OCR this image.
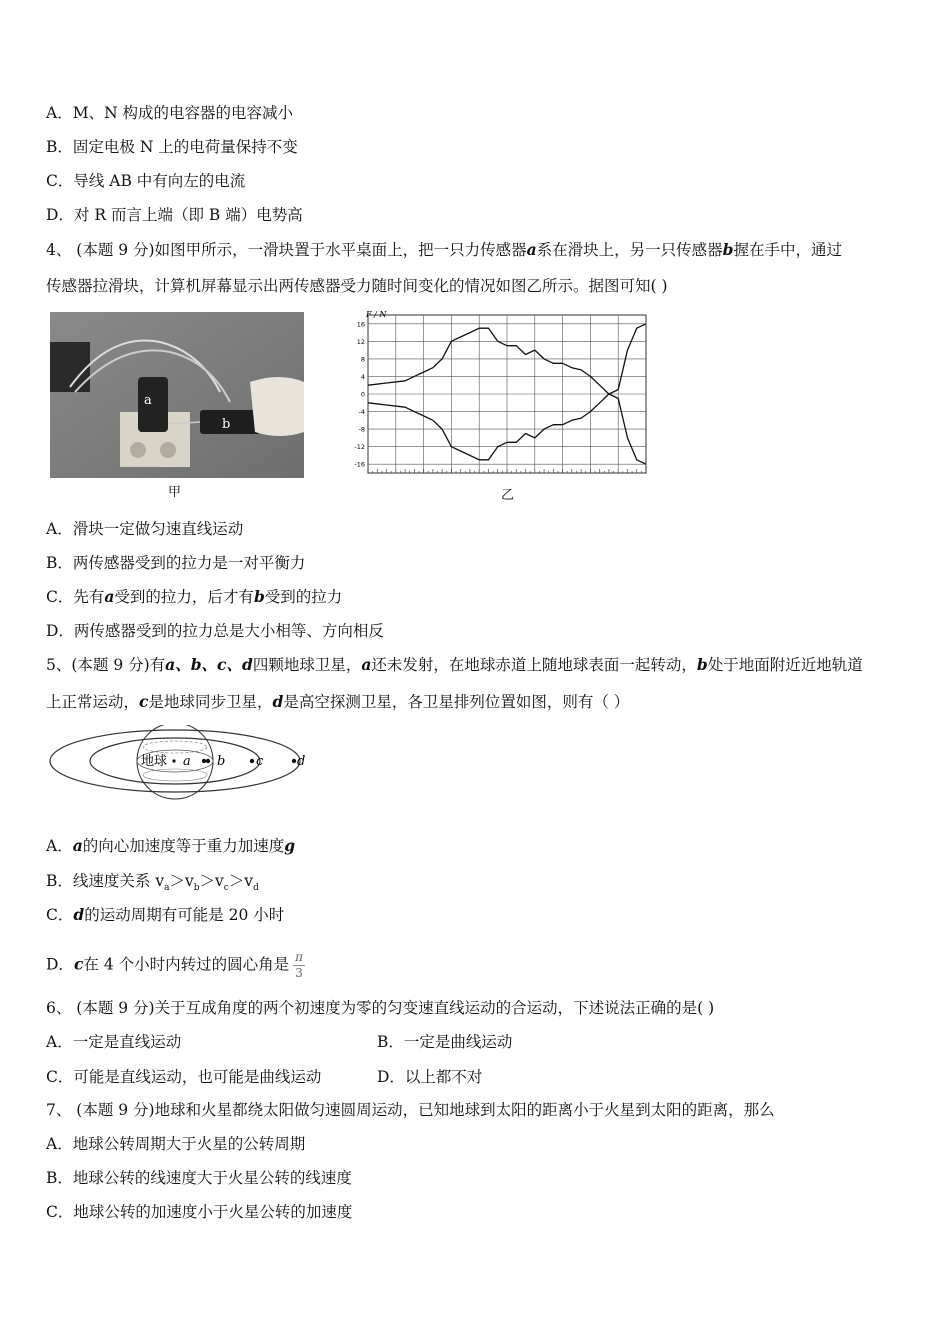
A．M、N 构成的电容器的电容减小
B．固定电极 N 上的电荷量保持不变
C．导线 AB 中有向左的电流
D．对 R 而言上端（即 B 端）电势高
4、 (本题 9 分)如图甲所示，一滑块置于水平桌面上，把一只力传感器a系在滑块上，另一只传感器b握在手中，通过
传感器拉滑块，计算机屏幕显示出两传感器受力随时间变化的情况如图乙所示。据图可知( )
a
b
甲
16
12
8
4
0
-4
-8
-12
-16
F / N
乙
A．滑块一定做匀速直线运动
B．两传感器受到的拉力是一对平衡力
C．先有a受到的拉力，后才有b受到的拉力
D．两传感器受到的拉力总是大小相等、方向相反
5、(本题 9 分)有a、b、c、d四颗地球卫星，a还未发射，在地球赤道上随地球表面一起转动，b处于地面附近近地轨道
上正常运动，c是地球同步卫星，d是高空探测卫星，各卫星排列位置如图，则有（ ）
地球 a b c	d
A．a的向心加速度等于重力加速度g
B．线速度关系 $v_a>v_b>v_c>v_d$
C．d的运动周期有可能是 20 小时
D．c在 4 个小时内转过的圆心角是 $\frac{\pi}{3}$
6、 (本题 9 分)关于互成角度的两个初速度为零的匀变速直线运动的合运动，下述说法正确的是( )
A．一定是直线运动	B．一定是曲线运动
C．可能是直线运动，也可能是曲线运动	D．以上都不对
7、 (本题 9 分)地球和火星都绕太阳做匀速圆周运动，已知地球到太阳的距离小于火星到太阳的距离，那么
A．地球公转周期大于火星的公转周期
B．地球公转的线速度大于火星公转的线速度
C．地球公转的加速度小于火星公转的加速度
